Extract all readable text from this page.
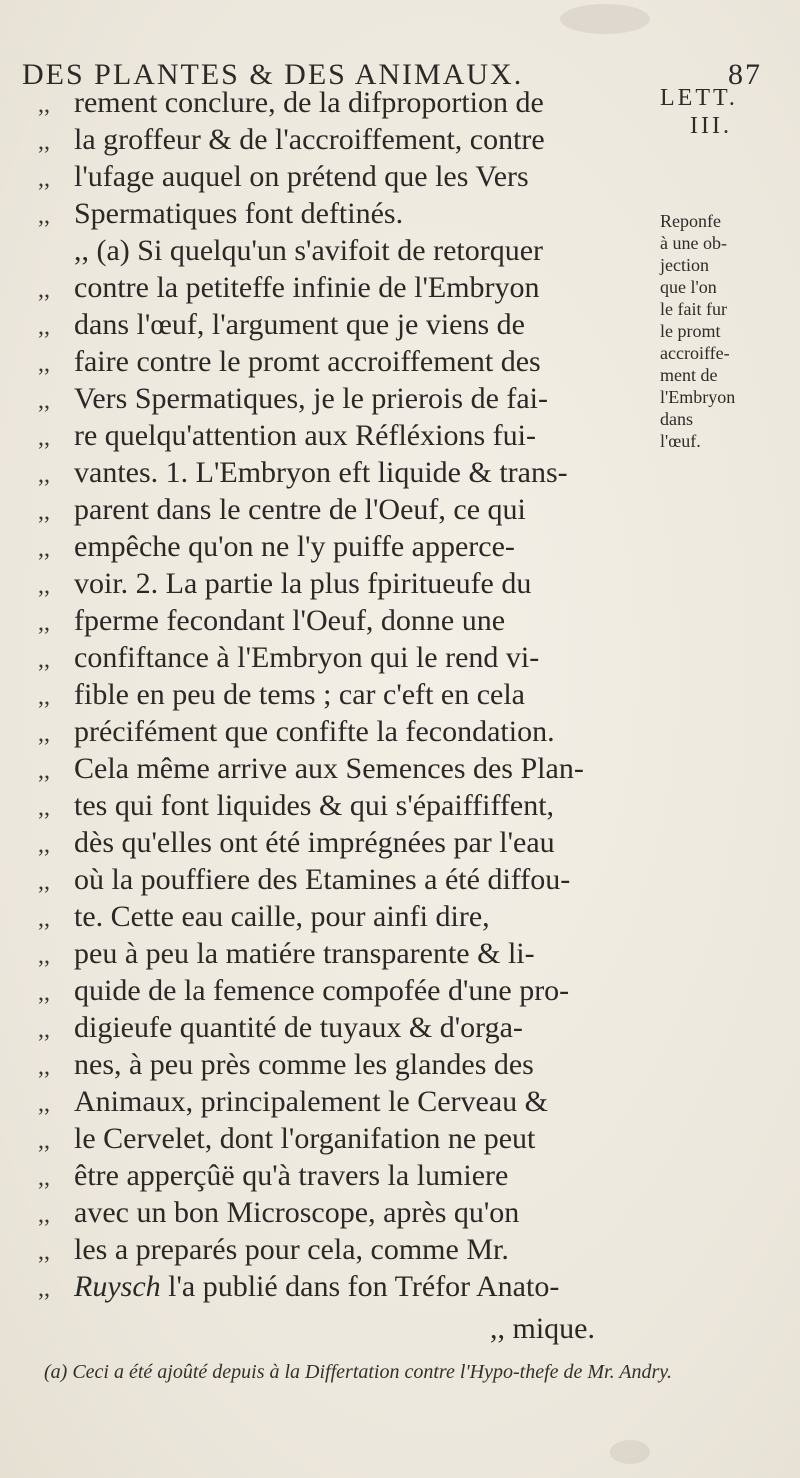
DES PLANTES & DES ANIMAUX.	87
LETT.
III.
Reponfe
à une ob-
jection
que l'on
le fait fur
le promt
accroiffe-
ment de
l'Embryon
dans
l'œuf.
,, rement conclure, de la difproportion de
,, la groffeur & de l'accroiffement, contre
,, l'ufage auquel on prétend que les Vers
,, Spermatiques font deftinés.
,, (a) Si quelqu'un s'avifoit de retorquer
,, contre la petiteffe infinie de l'Embryon
,, dans l'œuf, l'argument que je viens de
,, faire contre le promt accroiffement des
,, Vers Spermatiques, je le prierois de fai-
,, re quelqu'attention aux Réfléxions fui-
,, vantes. 1. L'Embryon eft liquide & trans-
,, parent dans le centre de l'Oeuf, ce qui
,, empêche qu'on ne l'y puiffe apperce-
,, voir. 2. La partie la plus fpiritueufe du
,, fperme fecondant l'Oeuf, donne une
,, confiftance à l'Embryon qui le rend vi-
,, fible en peu de tems ; car c'eft en cela
,, précifément que confifte la fecondation.
,, Cela même arrive aux Semences des Plan-
,, tes qui font liquides & qui s'épaiffiffent,
,, dès qu'elles ont été imprégnées par l'eau
,, où la pouffiere des Etamines a été diffou-
,, te. Cette eau caille, pour ainfi dire,
,, peu à peu la matiére transparente & li-
,, quide de la femence compofée d'une pro-
,, digieufe quantité de tuyaux & d'orga-
,, nes, à peu près comme les glandes des
,, Animaux, principalement le Cerveau &
,, le Cervelet, dont l'organifation ne peut
,, être apperçûë qu'à travers la lumiere
,, avec un bon Microscope, après qu'on
,, les a preparés pour cela, comme Mr.
,, Ruysch l'a publié dans fon Tréfor Anato-
,, mique.
(a) Ceci a été ajoûté depuis à la Differtation contre l'Hypo-thefe de Mr. Andry.
